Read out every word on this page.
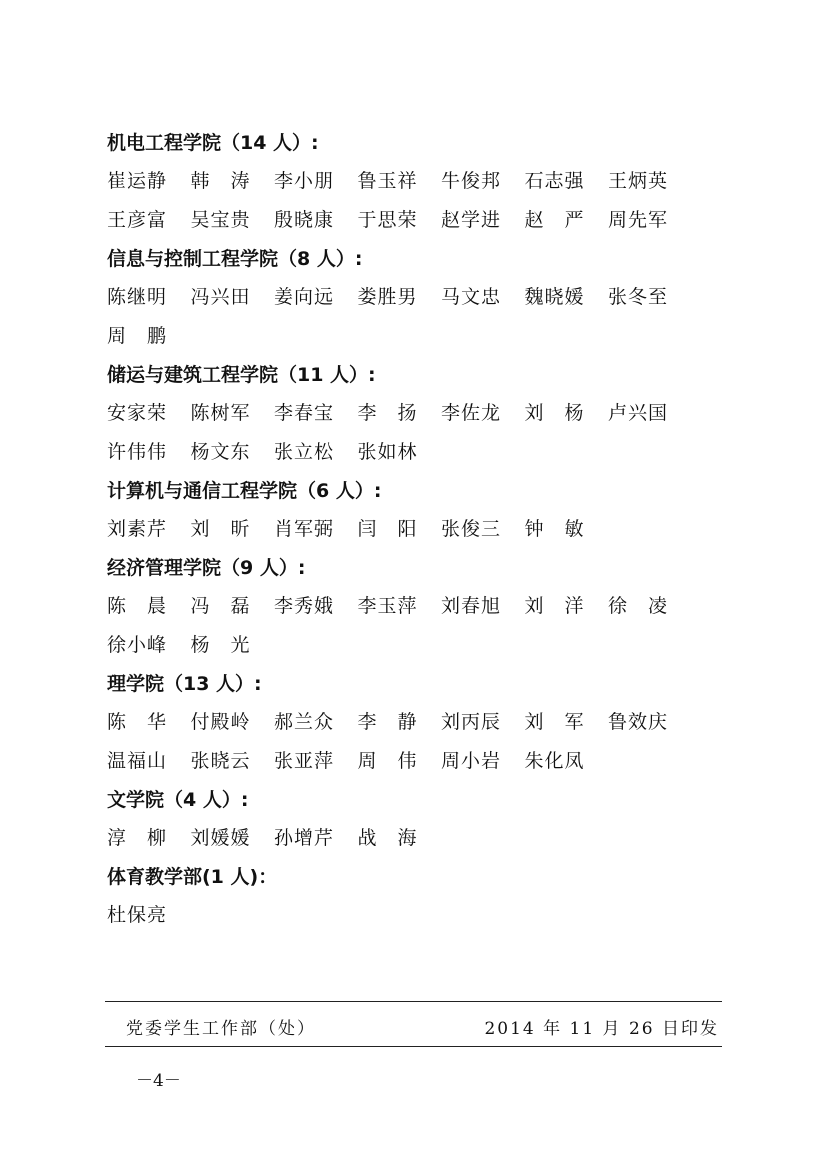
机电工程学院（14 人）:
崔运静	韩　涛	李小朋	鲁玉祥	牛俊邦	石志强	王炳英
王彦富	吴宝贵	殷晓康	于思荣	赵学进	赵　严	周先军
信息与控制工程学院（8 人）:
陈继明	冯兴田	姜向远	娄胜男	马文忠	魏晓媛	张冬至
周　鹏
储运与建筑工程学院（11 人）:
安家荣	陈树军	李春宝	李　扬	李佐龙	刘　杨	卢兴国
许伟伟	杨文东	张立松	张如林
计算机与通信工程学院（6 人）:
刘素芹	刘　昕	肖军弼	闫　阳	张俊三	钟　敏
经济管理学院（9 人）:
陈　晨	冯　磊	李秀娥	李玉萍	刘春旭	刘　洋	徐　凌
徐小峰	杨　光
理学院（13 人）:
陈　华	付殿岭	郝兰众	李　静	刘丙辰	刘　军	鲁效庆
温福山	张晓云	张亚萍	周　伟	周小岩	朱化凤
文学院（4 人）:
淳　柳	刘媛媛	孙增芹	战　海
体育教学部(1 人)：
杜保亮
党委学生工作部（处）	2014 年 11 月 26 日印发
－4－
